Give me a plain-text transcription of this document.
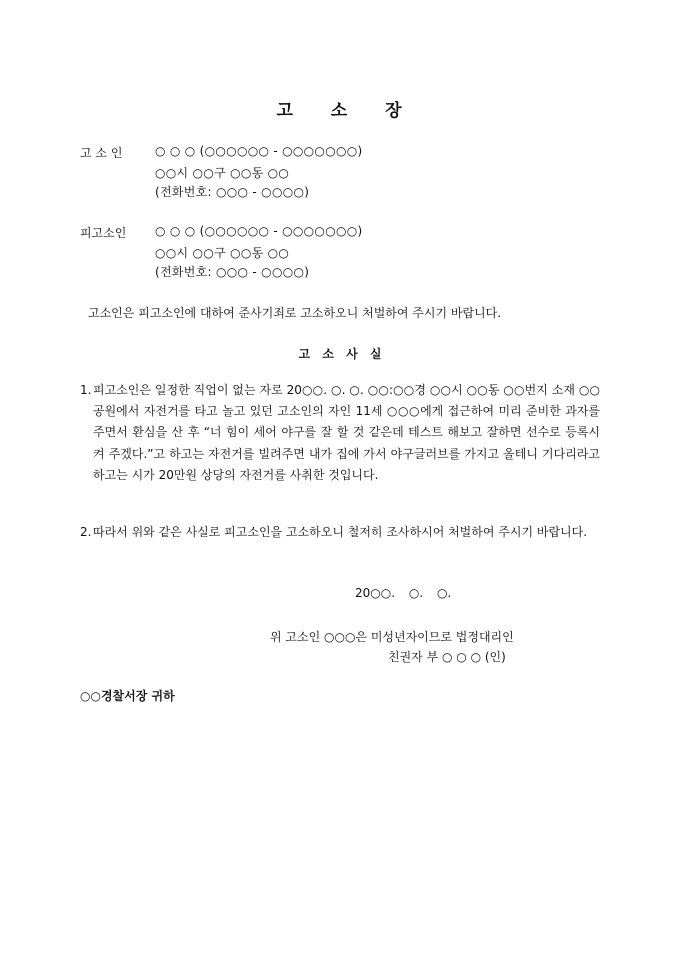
고 소 장
고 소 인	○ ○ ○ (○○○○○○ - ○○○○○○○)
○○시 ○○구 ○○동 ○○
(전화번호: ○○○ - ○○○○)
피고소인 ○ ○ ○ (○○○○○○ - ○○○○○○○)
○○시 ○○구 ○○동 ○○
(전화번호: ○○○ - ○○○○)
고소인은 피고소인에 대하여 준사기죄로 고소하오니 처벌하여 주시기 바랍니다.
고 소 사 실
1. 피고소인은 일정한 직업이 없는 자로 20○○. ○. ○. ○○:○○경 ○○시 ○○동 ○○번지 소재 ○○공원에서 자전거를 타고 놀고 있던 고소인의 자인 11세 ○○○에게 접근하여 미리 준비한 과자를 주면서 환심을 산 후 “너 힘이 세어 야구를 잘 할 것 같은데 테스트 해보고 잘하면 선수로 등록시켜 주겠다.”고 하고는 자전거를 빌려주면 내가 집에 가서 야구글러브를 가지고 올테니 기다리라고 하고는 시가 20만원 상당의 자전거를 사취한 것입니다.
2. 따라서 위와 같은 사실로 피고소인을 고소하오니 철저히 조사하시어 처벌하여 주시기 바랍니다.
20○○. ○. ○.
위 고소인 ○○○은 미성년자이므로 법정대리인
친권자 부 ○ ○ ○ (인)
○○경찰서장 귀하
